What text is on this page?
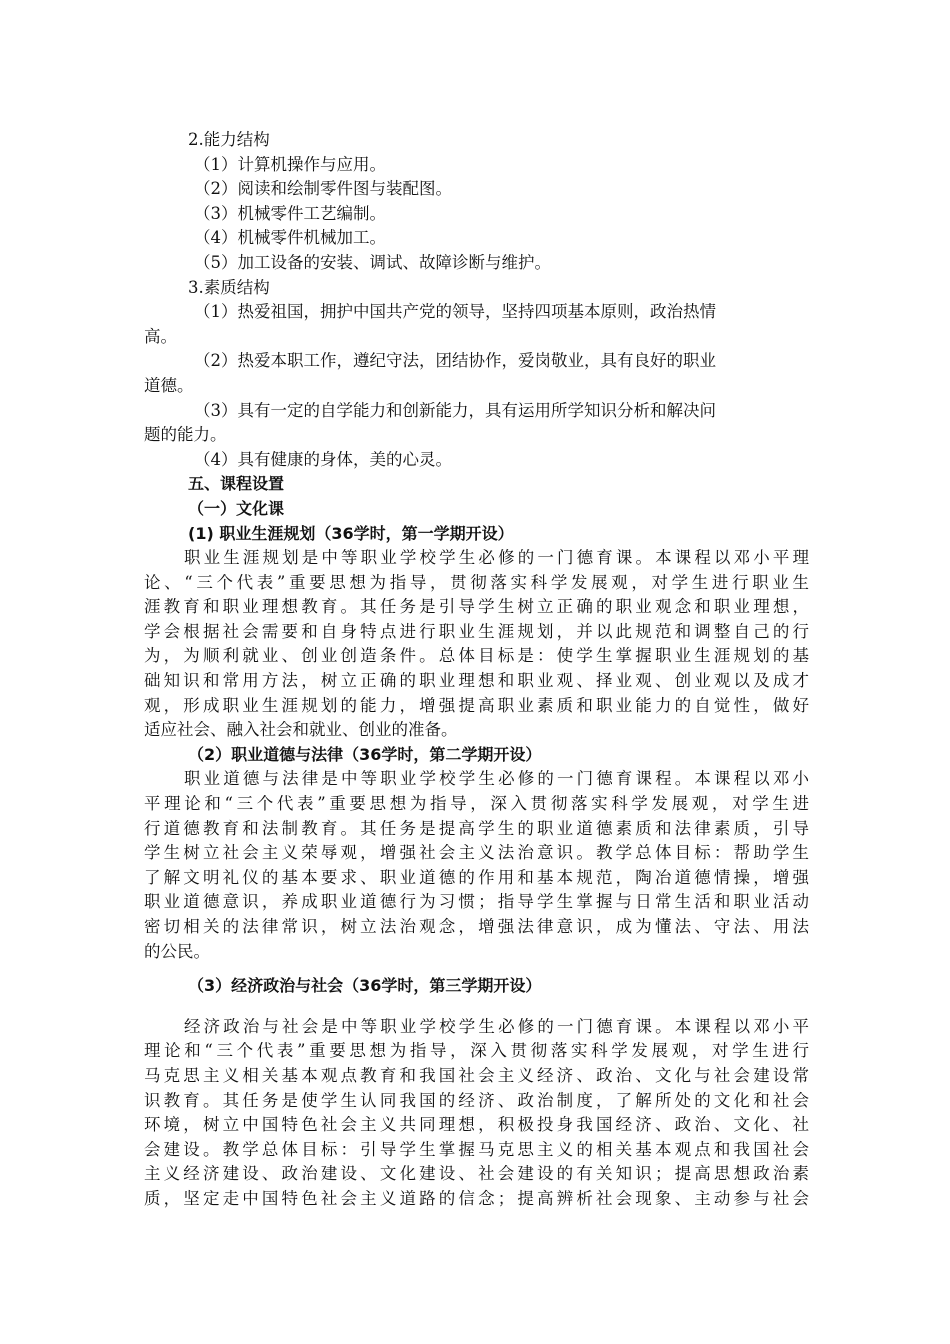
2.能力结构
（1）计算机操作与应用。
（2）阅读和绘制零件图与装配图。
（3）机械零件工艺编制。
（4）机械零件机械加工。
（5）加工设备的安装、调试、故障诊断与维护。
3.素质结构
（1）热爱祖国，拥护中国共产党的领导，坚持四项基本原则，政治热情
高。
（2）热爱本职工作，遵纪守法，团结协作，爱岗敬业，具有良好的职业
道德。
（3）具有一定的自学能力和创新能力，具有运用所学知识分析和解决问
题的能力。
（4）具有健康的身体，美的心灵。
五、课程设置
（一）文化课
(1) 职业生涯规划（36学时，第一学期开设）
职业生涯规划是中等职业学校学生必修的一门德育课。本课程以邓小平理
论、“三个代表”重要思想为指导，贯彻落实科学发展观，对学生进行职业生
涯教育和职业理想教育。其任务是引导学生树立正确的职业观念和职业理想，
学会根据社会需要和自身特点进行职业生涯规划，并以此规范和调整自己的行
为，为顺利就业、创业创造条件。总体目标是：使学生掌握职业生涯规划的基
础知识和常用方法，树立正确的职业理想和职业观、择业观、创业观以及成才
观，形成职业生涯规划的能力，增强提高职业素质和职业能力的自觉性，做好
适应社会、融入社会和就业、创业的准备。
（2）职业道德与法律（36学时，第二学期开设）
职业道德与法律是中等职业学校学生必修的一门德育课程。本课程以邓小
平理论和“三个代表”重要思想为指导，深入贯彻落实科学发展观，对学生进
行道德教育和法制教育。其任务是提高学生的职业道德素质和法律素质，引导
学生树立社会主义荣辱观，增强社会主义法治意识。教学总体目标：帮助学生
了解文明礼仪的基本要求、职业道德的作用和基本规范，陶冶道德情操，增强
职业道德意识，养成职业道德行为习惯；指导学生掌握与日常生活和职业活动
密切相关的法律常识，树立法治观念，增强法律意识，成为懂法、守法、用法
的公民。
（3）经济政治与社会（36学时，第三学期开设）
经济政治与社会是中等职业学校学生必修的一门德育课。本课程以邓小平
理论和“三个代表”重要思想为指导，深入贯彻落实科学发展观，对学生进行
马克思主义相关基本观点教育和我国社会主义经济、政治、文化与社会建设常
识教育。其任务是使学生认同我国的经济、政治制度，了解所处的文化和社会
环境，树立中国特色社会主义共同理想，积极投身我国经济、政治、文化、社
会建设。教学总体目标：引导学生掌握马克思主义的相关基本观点和我国社会
主义经济建设、政治建设、文化建设、社会建设的有关知识；提高思想政治素
质，坚定走中国特色社会主义道路的信念；提高辨析社会现象、主动参与社会
